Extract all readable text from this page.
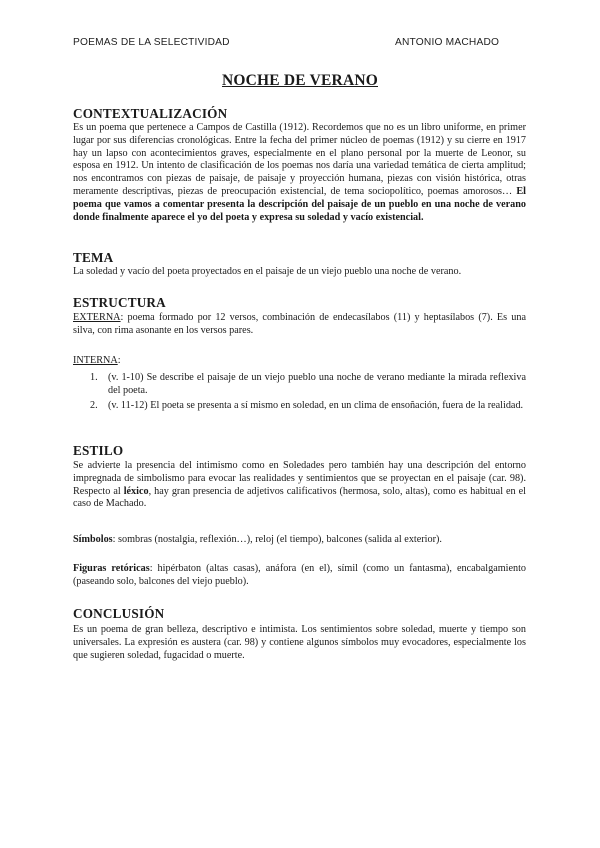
POEMAS DE LA SELECTIVIDAD	ANTONIO MACHADO
NOCHE DE VERANO
CONTEXTUALIZACIÓN
Es un poema que pertenece a Campos de Castilla (1912). Recordemos que no es un libro uniforme, en primer lugar por sus diferencias cronológicas. Entre la fecha del primer núcleo de poemas (1912) y su cierre en 1917 hay un lapso con acontecimientos graves, especialmente en el plano personal por la muerte de Leonor, su esposa en 1912. Un intento de clasificación de los poemas nos daría una variedad temática de cierta amplitud; nos encontramos con piezas de paisaje, de paisaje y proyección humana, piezas con visión histórica, otras meramente descriptivas, piezas de preocupación existencial, de tema sociopolítico, poemas amorosos… El poema que vamos a comentar presenta la descripción del paisaje de un pueblo en una noche de verano donde finalmente aparece el yo del poeta y expresa su soledad y vacío existencial.
TEMA
La soledad y vacío del poeta proyectados en el paisaje de un viejo pueblo una noche de verano.
ESTRUCTURA
EXTERNA: poema formado por 12 versos, combinación de endecasílabos (11) y heptasílabos (7). Es una silva, con rima asonante en los versos pares.
INTERNA:
1. (v. 1-10) Se describe el paisaje de un viejo pueblo una noche de verano mediante la mirada reflexiva del poeta.
2. (v. 11-12) El poeta se presenta a sí mismo en soledad, en un clima de ensoñación, fuera de la realidad.
ESTILO
Se advierte la presencia del intimismo como en Soledades pero también hay una descripción del entorno impregnada de simbolismo para evocar las realidades y sentimientos que se proyectan en el paisaje (car. 98). Respecto al léxico, hay gran presencia de adjetivos calificativos (hermosa, solo, altas), como es habitual en el caso de Machado.
Símbolos: sombras (nostalgia, reflexión…), reloj (el tiempo), balcones (salida al exterior).
Figuras retóricas: hipérbaton (altas casas), anáfora (en el), símil (como un fantasma), encabalgamiento (paseando solo, balcones del viejo pueblo).
CONCLUSIÓN
Es un poema de gran belleza, descriptivo e intimista. Los sentimientos sobre soledad, muerte y tiempo son universales. La expresión es austera (car. 98) y contiene algunos símbolos muy evocadores, especialmente los que sugieren soledad, fugacidad o muerte.
